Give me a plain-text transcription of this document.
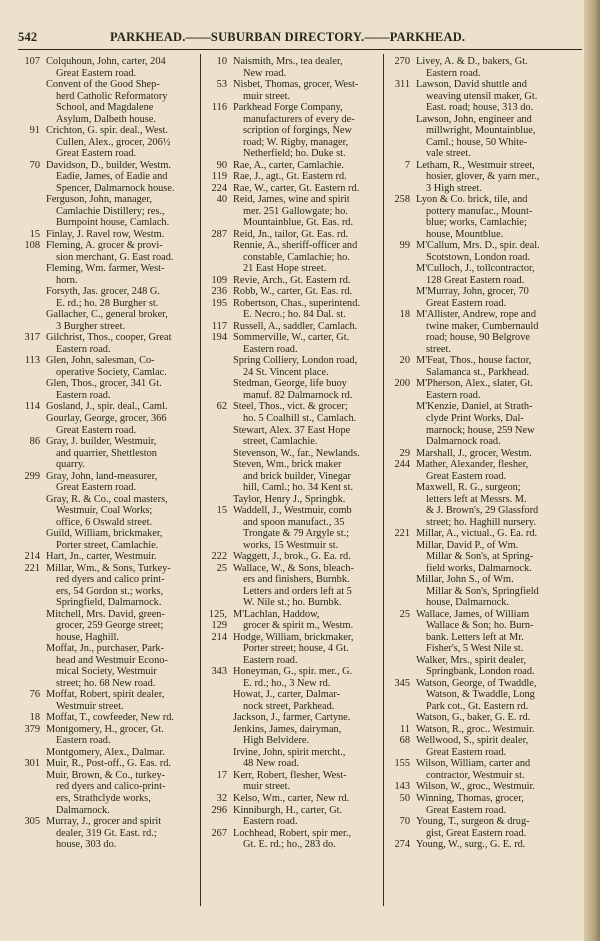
542	PARKHEAD.——SUBURBAN DIRECTORY.——PARKHEAD.
107 Colquhoun, John, carter, 204
Great Eastern road.
Convent of the Good Shep-
herd Catholic Reformatory
School, and Magdalene
Asylum, Dalbeth house.
91 Crichton, G. spir. deal., West.
Cullen, Alex., grocer, 206½
Great Eastern road.
70 Davidson, D., builder, Westm.
Eadie, James, of Eadie and
Spencer, Dalmarnock house.
Ferguson, John, manager,
Camlachie Distillery; res.,
Burnpoint house, Camlach.
15 Finlay, J. Ravel row, Westm.
108 Fleming, A. grocer & provi-
sion merchant, G. East road.
Fleming, Wm. farmer, West-
horn.
Forsyth, Jas. grocer, 248 G.
E. rd.; ho. 28 Burgher st.
Gallacher, C., general broker,
3 Burgher street.
317 Gilchrist, Thos., cooper, Great
Eastern road.
113 Glen, John, salesman, Co-
operative Society, Camlac.
Glen, Thos., grocer, 341 Gt.
Eastern road.
114 Gosland, J., spir. deal., Caml.
Gourlay, George, grocer, 366
Great Eastern road.
86 Gray, J. builder, Westmuir,
and quarrier, Shettleston
quarry.
299 Gray, John, land-measurer,
Great Eastern road.
Gray, R. & Co., coal masters,
Westmuir, Coal Works;
office, 6 Oswald street.
Guild, William, brickmaker,
Porter street, Camlachie.
214 Hart, Jn., carter, Westmuir.
221 Millar, Wm., & Sons, Turkey-
red dyers and calico print-
ers, 54 Gordon st.; works,
Springfield, Dalmarnock.
Mitchell, Mrs. David, green-
grocer, 259 George street;
house, Haghill.
Moffat, Jn., purchaser, Park-
head and Westmuir Econo-
mical Society, Westmuir
street; ho. 68 New road.
76 Moffat, Robert, spirit dealer,
Westmuir street.
18 Moffat, T., cowfeeder, New rd.
379 Montgomery, H., grocer, Gt.
Eastern road.
Montgomery, Alex., Dalmar.
301 Muir, R., Post-off., G. Eas. rd.
Muir, Brown, & Co., turkey-
red dyers and calico-print-
ers, Strathclyde works,
Dalmarnock.
305 Murray, J., grocer and spirit
dealer, 319 Gt. East. rd.;
house, 303 do.
10 Naismith, Mrs., tea dealer,
New road.
53 Nisbet, Thomas, grocer, West-
muir street.
116 Parkhead Forge Company,
manufacturers of every de-
scription of forgings, New
road; W. Rigby, manager,
Netherfield; ho. Duke st.
90 Rae, A., carter, Camlachie.
119 Rae, J., agt., Gt. Eastern rd.
224 Rae, W., carter, Gt. Eastern rd.
40 Reid, James, wine and spirit
mer. 251 Gallowgate; ho.
Mountainblue, Gt. Eas. rd.
287 Reid, Jn., tailor, Gt. Eas. rd.
Rennie, A., sheriff-officer and
constable, Camlachie; ho.
21 East Hope street.
109 Revie, Arch., Gt. Eastern rd.
236 Robb, W., carter, Gt. Eas. rd.
195 Robertson, Chas., superintend.
E. Necro.; ho. 84 Dal. st.
117 Russell, A., saddler, Camlach.
194 Sommerville, W., carter, Gt.
Eastern road.
Spring Colliery, London road,
24 St. Vincent place.
Stedman, George, life buoy
manuf. 82 Dalmarnock rd.
62 Steel, Thos., vict. & grocer;
ho. 5 Coalhill st., Camlach.
Stewart, Alex. 37 East Hope
street, Camlachie.
Stevenson, W., far., Newlands.
Steven, Wm., brick maker
and brick builder, Vinegar
hill, Caml.; ho. 34 Kent st.
Taylor, Henry J., Springbk.
15 Waddell, J., Westmuir, comb
and spoon manufact., 35
Trongate & 79 Argyle st.;
works, 15 Westmuir st.
222 Waggett, J., brok., G. Ea. rd.
25 Wallace, W., & Sons, bleach-
ers and finishers, Burnbk.
Letters and orders left at 5
W. Nile st.; ho. Burnbk.
125, 129
M'Lachlan, Haddow,
grocer & spirit m., Westm.
214 Hodge, William, brickmaker,
Porter street; house, 4 Gt.
Eastern road.
343 Honeyman, G., spir. mer., G.
E. rd.; ho., 3 New rd.
Howat, J., carter, Dalmar-
nock street, Parkhead.
Jackson, J., farmer, Cartyne.
Jenkins, James, dairyman,
High Belvidere.
Irvine, John, spirit mercht.,
48 New road.
17 Kerr, Robert, flesher, West-
muir street.
32 Kelso, Wm., carter, New rd.
296 Kinniburgh, H., carter, Gt.
Eastern road.
267 Lochhead, Robert, spir mer.,
Gt. E. rd.; ho., 283 do.
270 Livey, A. & D., bakers, Gt.
Eastern road.
311 Lawson, David shuttle and
weaving utensil maker, Gt.
East. road; house, 313 do.
Lawson, John, engineer and
millwright, Mountainblue,
Caml.; house, 50 White-
vale street.
7 Letham, R., Westmuir street,
hosier, glover, & yarn mer.,
3 High street.
258 Lyon & Co. brick, tile, and
pottery manufac., Mount-
blue; works, Camlachie;
house, Mountblue.
99 M'Callum, Mrs. D., spir. deal.
Scotstown, London road.
M'Culloch, J., tollcontractor,
128 Great Eastern road.
M'Murray, John, grocer, 70
Great Eastern road.
18 M'Allister, Andrew, rope and
twine maker, Cumbernauld
road; house, 90 Belgrove
street.
20 M'Feat, Thos., house factor,
Salamanca st., Parkhead.
200 M'Pherson, Alex., slater, Gt.
Eastern road.
M'Kenzie, Daniel, at Strath-
clyde Print Works, Dal-
marnock; house, 259 New
Dalmarnock road.
29 Marshall, J., grocer, Westm.
244 Mather, Alexander, flesher,
Great Eastern road.
Maxwell, R. G., surgeon;
letters left at Messrs. M.
& J. Brown's, 29 Glassford
street; ho. Haghill nursery.
221 Millar, A., victual., G. Ea. rd.
Millar, David P., of Wm.
Millar & Son's, at Spring-
field works, Dalmarnock.
Millar, John S., of Wm.
Millar & Son's, Springfield
house, Dalmarnock.
25 Wallace, James, of William
Wallace & Son; ho. Burn-
bank. Letters left at Mr.
Fisher's, 5 West Nile st.
Walker, Mrs., spirit dealer,
Springbank, London road.
345 Watson, George, of Twaddle,
Watson, & Twaddle, Long
Park cot., Gt. Eastern rd.
Watson, G., baker, G. E. rd.
11 Watson, R., groc.. Westmuir.
68 Wellwood, S., spirit dealer,
Great Eastern road.
155 Wilson, William, carter and
contractor, Westmuir st.
143 Wilson, W., groc., Westmuir.
50 Winning, Thomas, grocer,
Great Eastern road.
70 Young, T., surgeon & drug-
gist, Great Eastern road.
274 Young, W., surg., G. E. rd.
